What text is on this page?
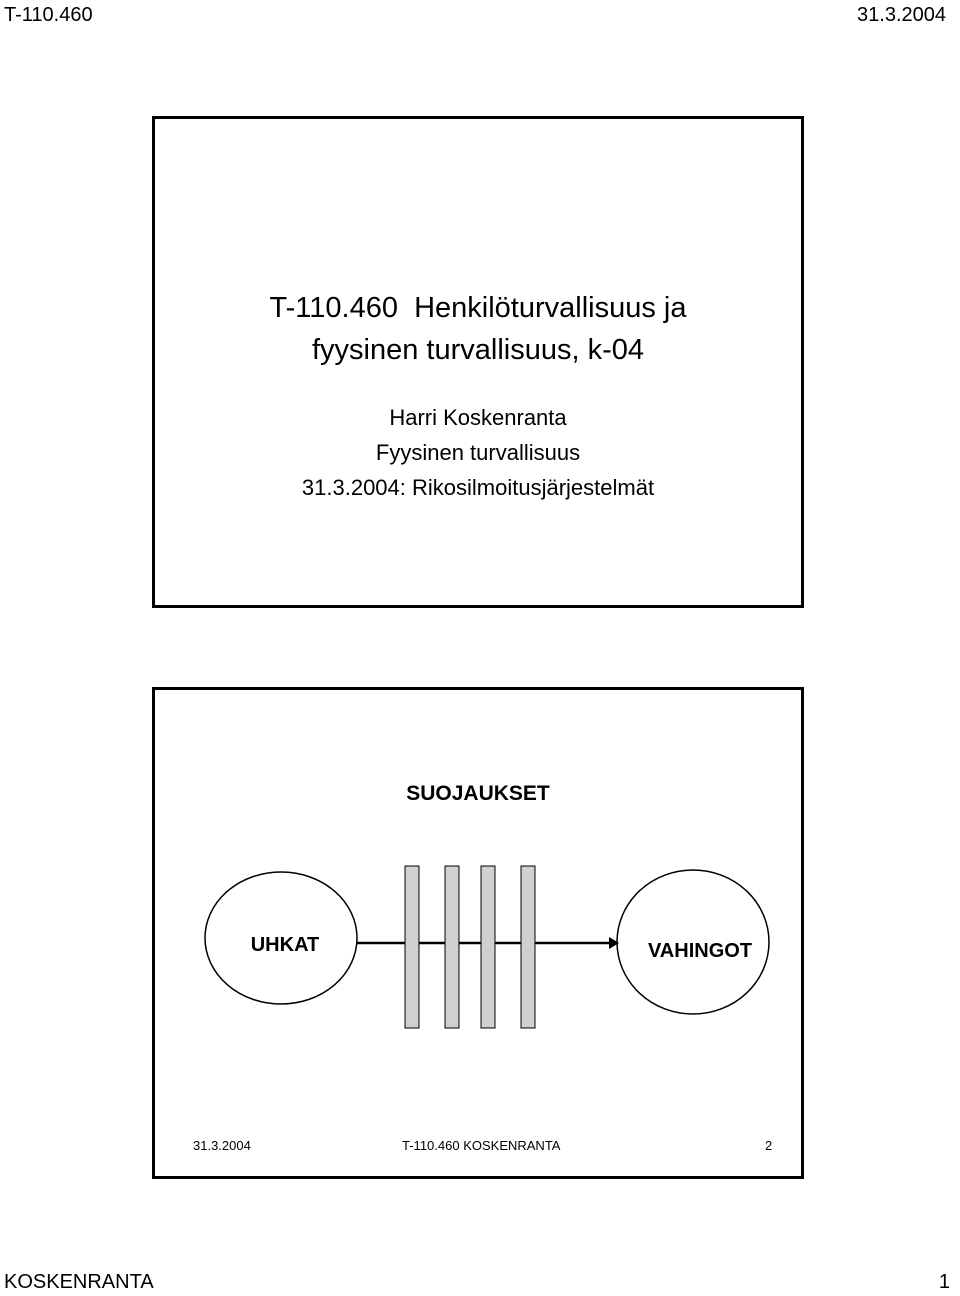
T-110.460	31.3.2004
T-110.460  Henkilöturvallisuus ja
fyysinen turvallisuus, k-04
Harri Koskenranta
Fyysinen turvallisuus
31.3.2004: Rikosilmoitusjärjestelmät
SUOJAUKSET
UHKAT	VAHINGOT
31.3.2004	T-110.460 KOSKENRANTA	2
KOSKENRANTA	1
